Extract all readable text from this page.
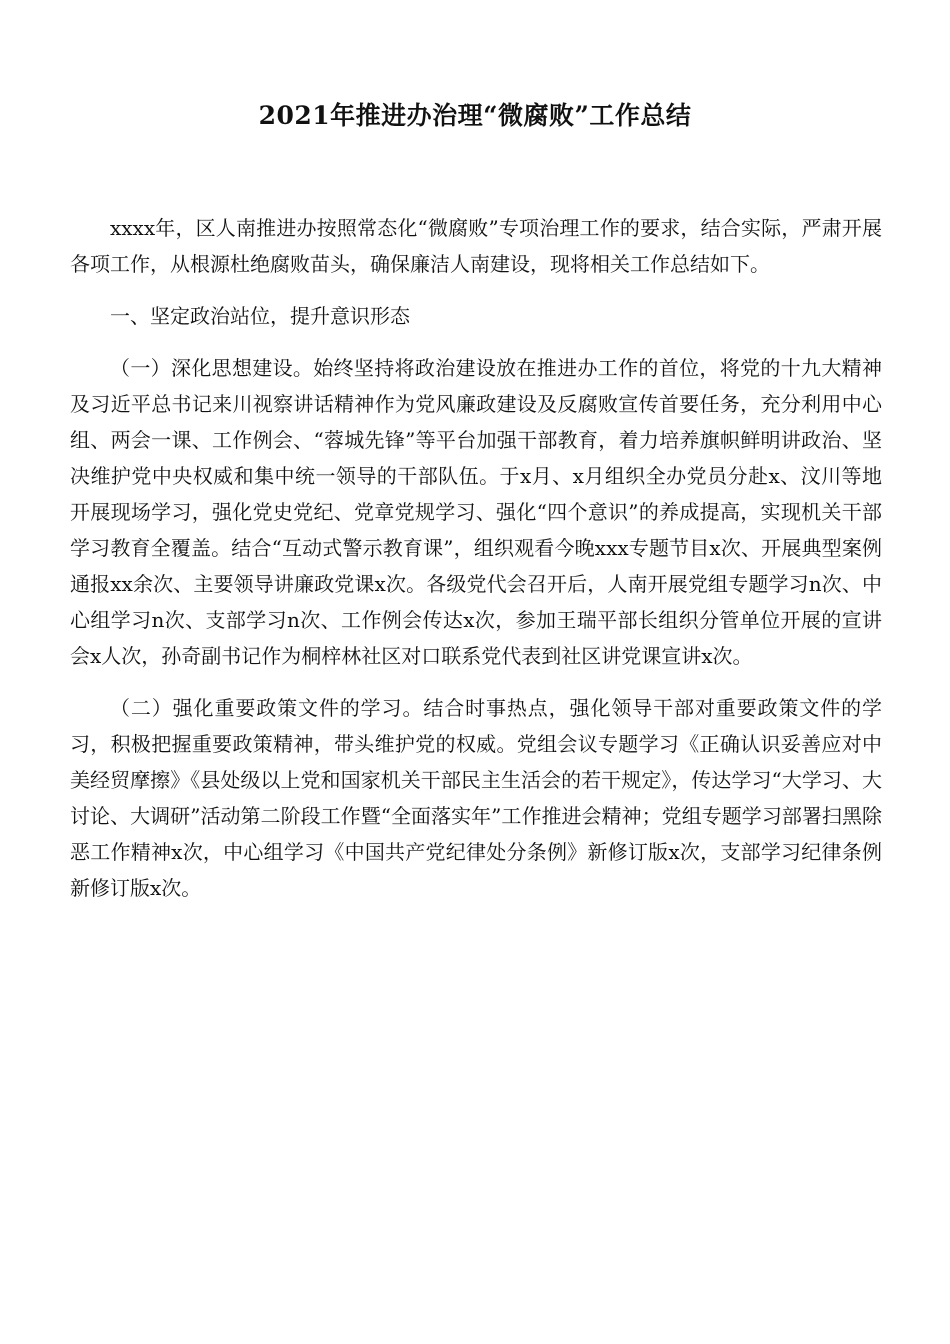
2021年推进办治理“微腐败”工作总结

xxxx年，区人南推进办按照常态化“微腐败”专项治理工作的要求，结合实际，严肃开展各项工作，从根源杜绝腐败苗头，确保廉洁人南建设，现将相关工作总结如下。

一、坚定政治站位，提升意识形态

（一）深化思想建设。始终坚持将政治建设放在推进办工作的首位，将党的十九大精神及习近平总书记来川视察讲话精神作为党风廉政建设及反腐败宣传首要任务，充分利用中心组、两会一课、工作例会、“蓉城先锋”等平台加强干部教育，着力培养旗帜鲜明讲政治、坚决维护党中央权威和集中统一领导的干部队伍。于x月、x月组织全办党员分赴x、汶川等地开展现场学习，强化党史党纪、党章党规学习、强化“四个意识”的养成提高，实现机关干部学习教育全覆盖。结合“互动式警示教育课”，组织观看今晚xxx专题节目x次、开展典型案例通报xx余次、主要领导讲廉政党课x次。各级党代会召开后，人南开展党组专题学习n次、中心组学习n次、支部学习n次、工作例会传达x次，参加王瑞平部长组织分管单位开展的宣讲会x人次，孙奇副书记作为桐梓林社区对口联系党代表到社区讲党课宣讲x次。

（二）强化重要政策文件的学习。结合时事热点，强化领导干部对重要政策文件的学习，积极把握重要政策精神，带头维护党的权威。党组会议专题学习《正确认识妥善应对中美经贸摩擦》《县处级以上党和国家机关干部民主生活会的若干规定》，传达学习“大学习、大讨论、大调研”活动第二阶段工作暨“全面落实年”工作推进会精神；党组专题学习部署扫黑除恶工作精神x次，中心组学习《中国共产党纪律处分条例》新修订版x次，支部学习纪律条例新修订版x次。
